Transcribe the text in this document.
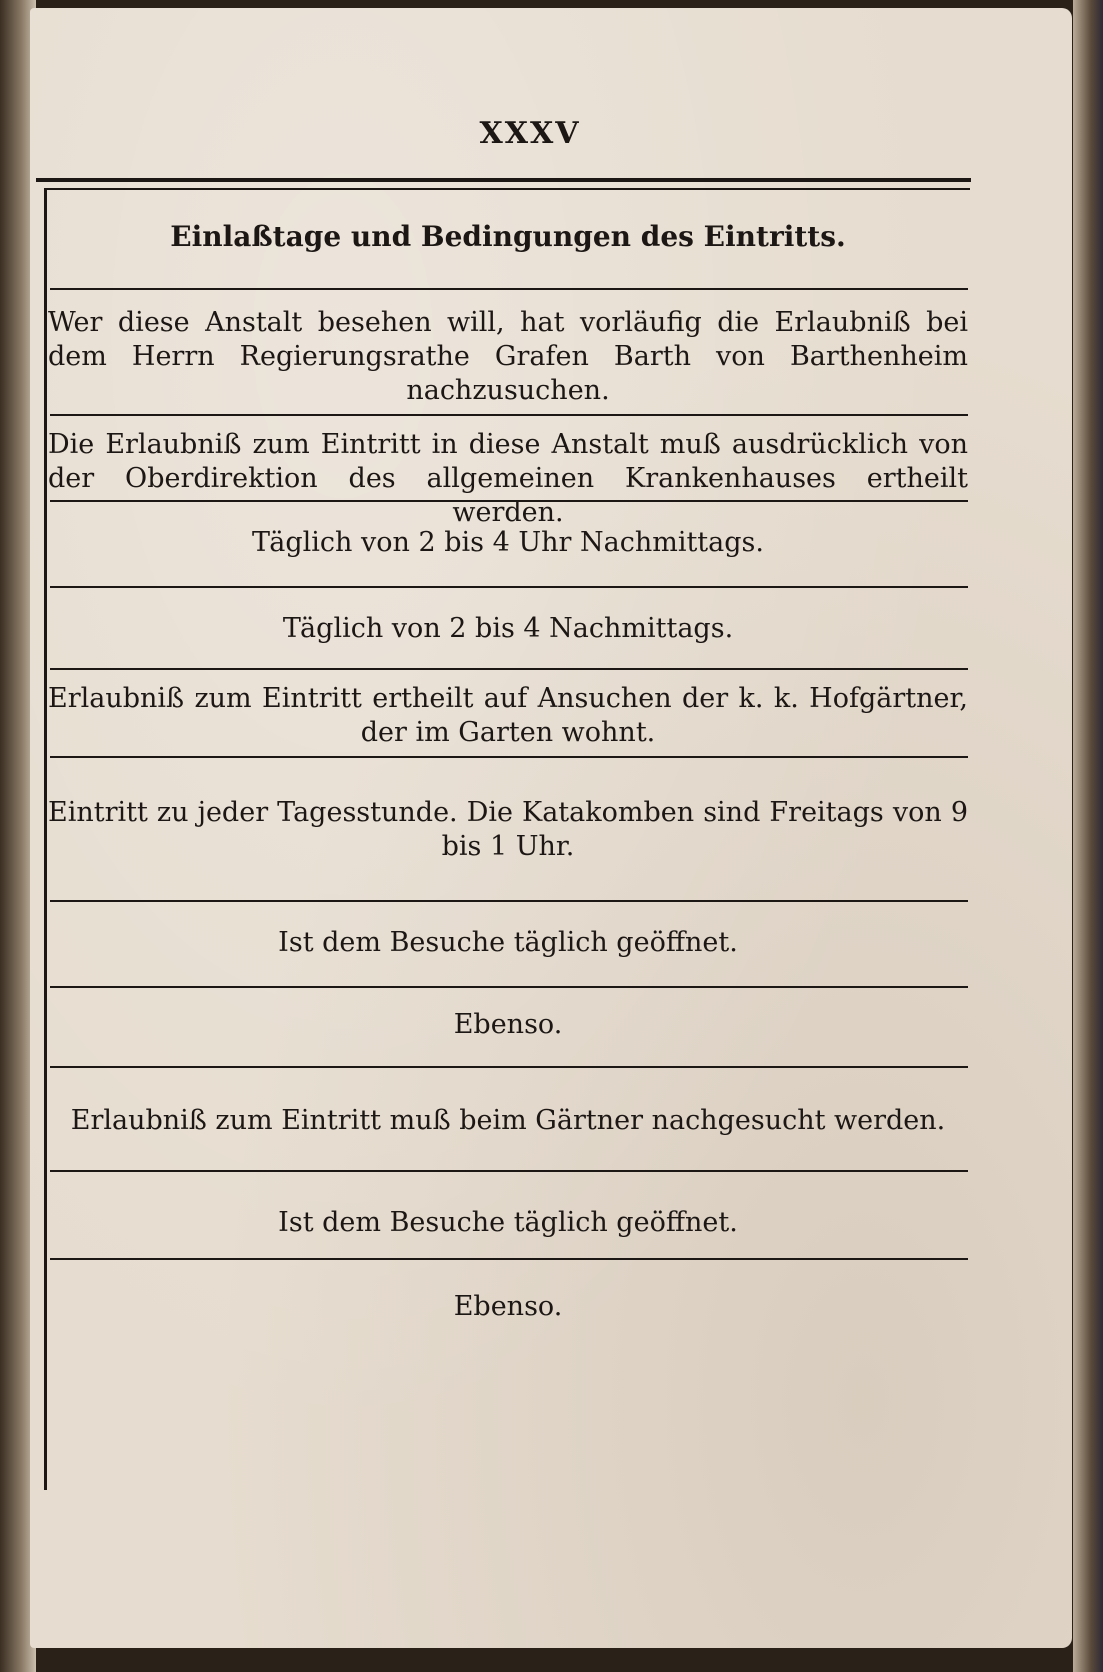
XXXV
Einlaßtage und Bedingungen des Eintritts.
Wer diese Anstalt besehen will, hat vorläufig die Erlaubniß bei dem Herrn Regierungsrathe Grafen Barth von Barthenheim nachzusuchen.
Die Erlaubniß zum Eintritt in diese Anstalt muß ausdrücklich von der Oberdirektion des allgemeinen Krankenhauses ertheilt werden.
Täglich von 2 bis 4 Uhr Nachmittags.
Täglich von 2 bis 4 Nachmittags.
Erlaubniß zum Eintritt ertheilt auf Ansuchen der k. k. Hofgärtner, der im Garten wohnt.
Eintritt zu jeder Tagesstunde. Die Katakomben sind Freitags von 9 bis 1 Uhr.
Ist dem Besuche täglich geöffnet.
Ebenso.
Erlaubniß zum Eintritt muß beim Gärtner nachgesucht werden.
Ist dem Besuche täglich geöffnet.
Ebenso.
